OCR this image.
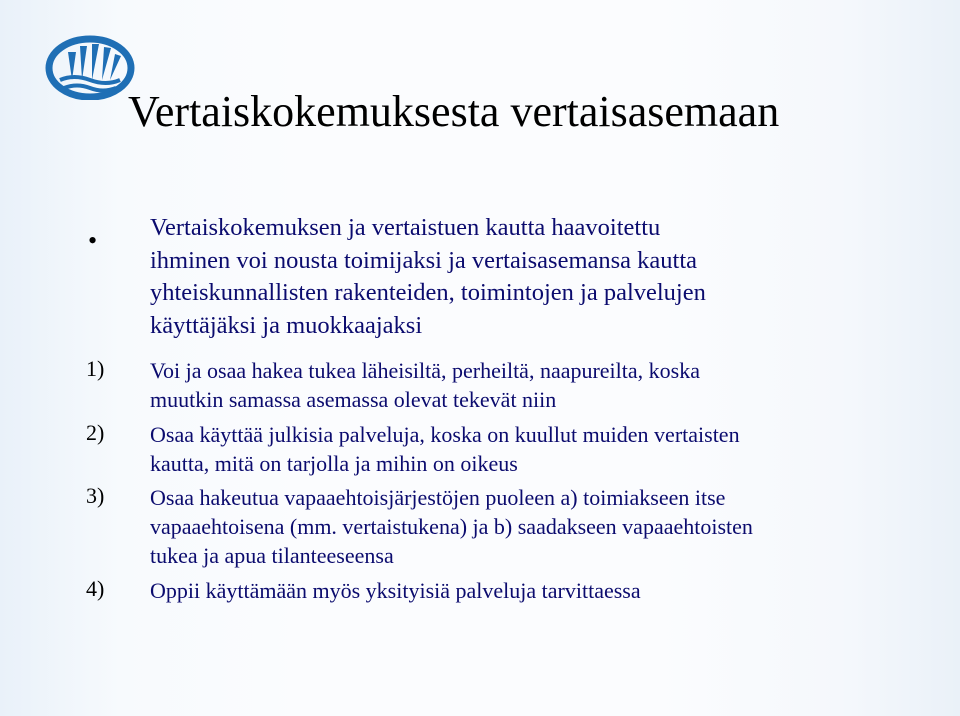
Vertaiskokemuksesta vertaisasemaan
• Vertaiskokemuksen ja vertaistuen kautta haavoitettu
ihminen voi nousta toimijaksi ja vertaisasemansa kautta
yhteiskunnallisten rakenteiden, toimintojen ja palvelujen
käyttäjäksi ja muokkaajaksi
1) Voi ja osaa hakea tukea läheisiltä, perheiltä, naapureilta, koska
muutkin samassa asemassa olevat tekevät niin
2) Osaa käyttää julkisia palveluja, koska on kuullut muiden vertaisten
kautta, mitä on tarjolla ja mihin on oikeus
3) Osaa hakeutua vapaaehtoisjärjestöjen puoleen a) toimiakseen itse
vapaaehtoisena (mm. vertaistukena) ja b) saadakseen vapaaehtoisten
tukea ja apua tilanteeseensa
4) Oppii käyttämään myös yksityisiä palveluja tarvittaessa
